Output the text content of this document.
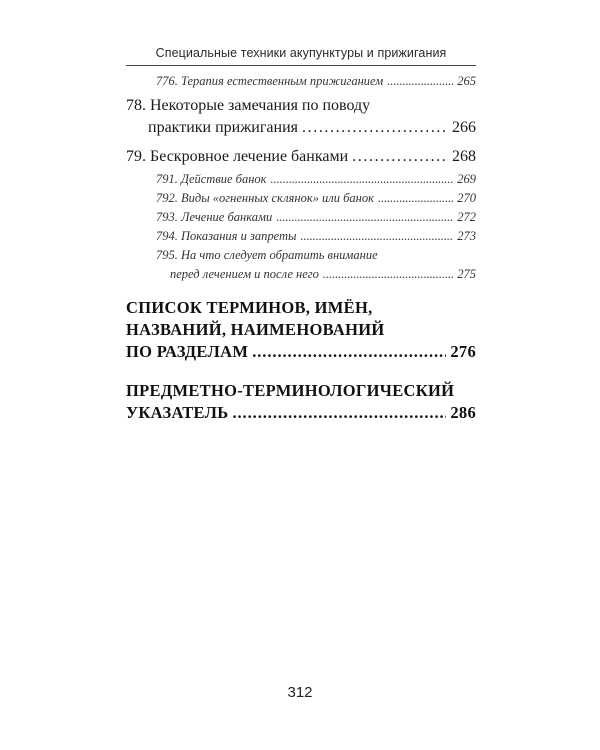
Специальные техники акупунктуры и прижигания
776. Терапия естественным прижиганием . . .	265
78. Некоторые замечания по поводу
практики прижигания . . .	266
79. Бескровное лечение банками . . .	268
791. Действие банок . . .	269
792. Виды «огненных склянок» или банок . . .	270
793. Лечение банками . . .	272
794. Показания и запреты . . .	273
795. На что следует обратить внимание
перед лечением и после него . . .	275
СПИСОК ТЕРМИНОВ, ИМЁН,
НАЗВАНИЙ, НАИМЕНОВАНИЙ
ПО РАЗДЕЛАМ . . .	276
ПРЕДМЕТНО-ТЕРМИНОЛОГИЧЕСКИЙ
УКАЗАТЕЛЬ . . .	286
312
